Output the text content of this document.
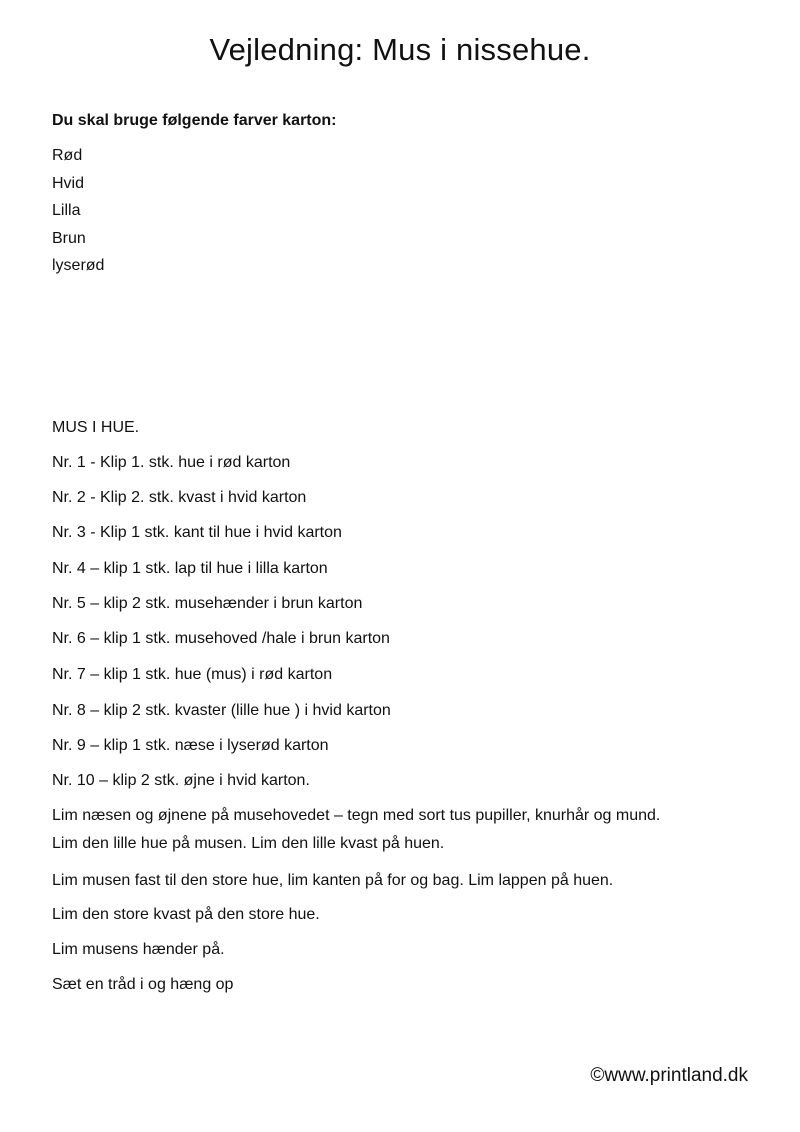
Vejledning: Mus i nissehue.
Du skal bruge følgende farver karton:
Rød
Hvid
Lilla
Brun
lyserød
MUS I HUE.
Nr. 1 - Klip 1. stk. hue i rød karton
Nr. 2 - Klip 2. stk. kvast i hvid karton
Nr. 3 - Klip 1 stk. kant til hue i hvid karton
Nr. 4 – klip 1 stk. lap til hue i lilla karton
Nr. 5 – klip 2 stk. musehænder i brun karton
Nr. 6 – klip 1 stk. musehoved /hale i brun karton
Nr. 7 – klip 1 stk. hue (mus) i rød karton
Nr. 8 – klip 2 stk. kvaster (lille hue ) i hvid karton
Nr. 9 – klip 1 stk. næse i lyserød karton
Nr. 10 – klip 2 stk. øjne i hvid karton.
Lim næsen og øjnene på musehovedet – tegn med sort tus pupiller, knurhår og mund.
Lim den lille hue på musen. Lim den lille kvast på huen.
Lim musen fast til den store hue, lim kanten på for og bag. Lim lappen på huen.
Lim den store kvast på den store hue.
Lim musens hænder på.
Sæt en tråd i og hæng op
©www.printland.dk
